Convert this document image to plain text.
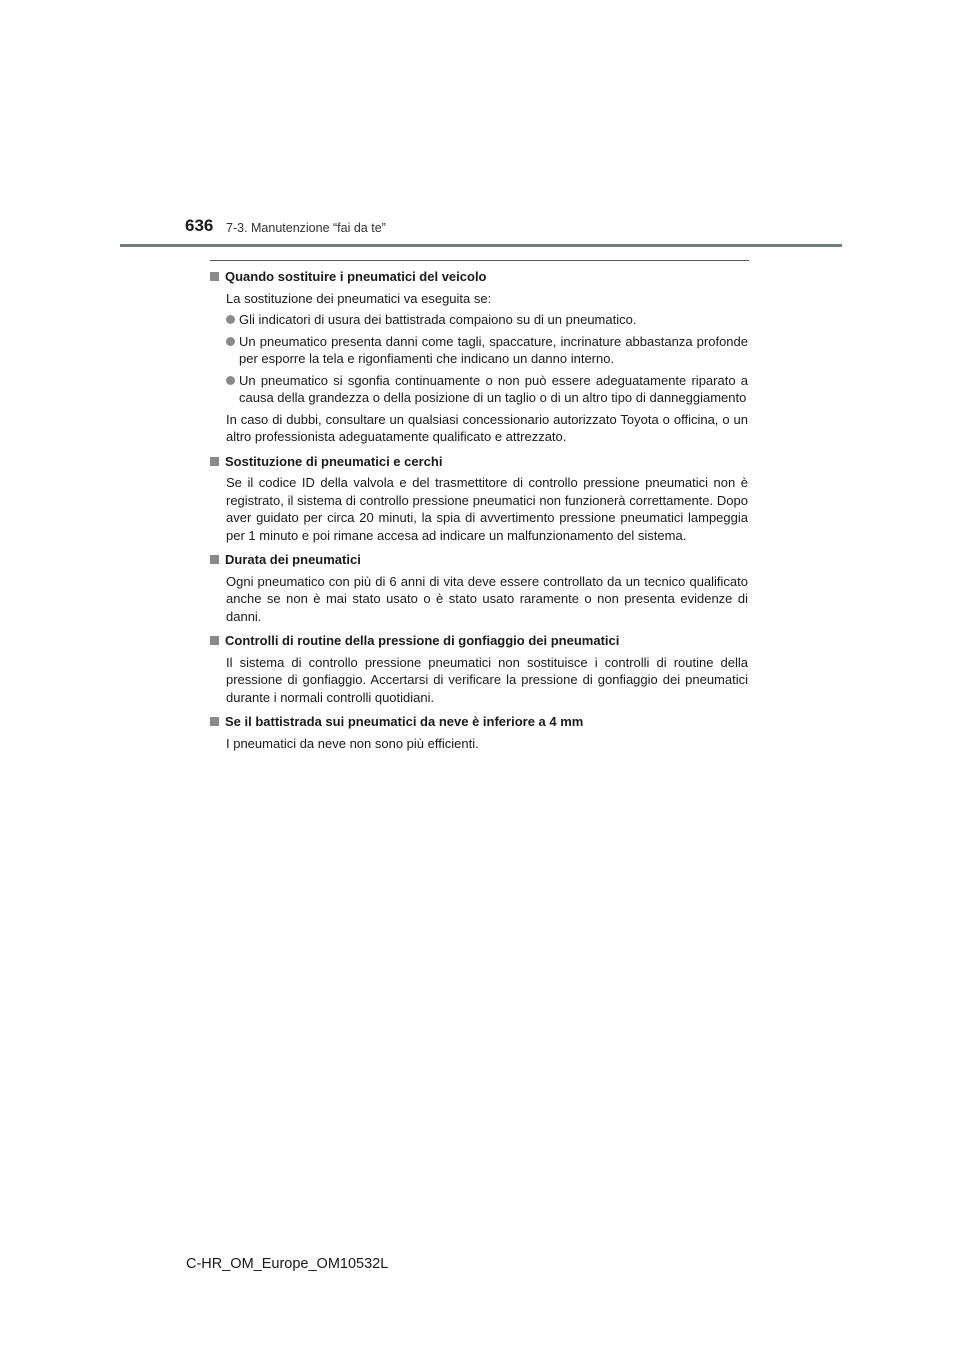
636 7-3. Manutenzione “fai da te”
Quando sostituire i pneumatici del veicolo
La sostituzione dei pneumatici va eseguita se:
Gli indicatori di usura dei battistrada compaiono su di un pneumatico.
Un pneumatico presenta danni come tagli, spaccature, incrinature abbastanza profonde per esporre la tela e rigonfiamenti che indicano un danno interno.
Un pneumatico si sgonfia continuamente o non può essere adeguatamente riparato a causa della grandezza o della posizione di un taglio o di un altro tipo di danneggiamento
In caso di dubbi, consultare un qualsiasi concessionario autorizzato Toyota o officina, o un altro professionista adeguatamente qualificato e attrezzato.
Sostituzione di pneumatici e cerchi
Se il codice ID della valvola e del trasmettitore di controllo pressione pneumatici non è registrato, il sistema di controllo pressione pneumatici non funzionerà correttamente. Dopo aver guidato per circa 20 minuti, la spia di avvertimento pressione pneumatici lampeggia per 1 minuto e poi rimane accesa ad indicare un malfunzionamento del sistema.
Durata dei pneumatici
Ogni pneumatico con più di 6 anni di vita deve essere controllato da un tecnico qualificato anche se non è mai stato usato o è stato usato raramente o non presenta evidenze di danni.
Controlli di routine della pressione di gonfiaggio dei pneumatici
Il sistema di controllo pressione pneumatici non sostituisce i controlli di routine della pressione di gonfiaggio. Accertarsi di verificare la pressione di gonfiaggio dei pneumatici durante i normali controlli quotidiani.
Se il battistrada sui pneumatici da neve è inferiore a 4 mm
I pneumatici da neve non sono più efficienti.
C-HR_OM_Europe_OM10532L
